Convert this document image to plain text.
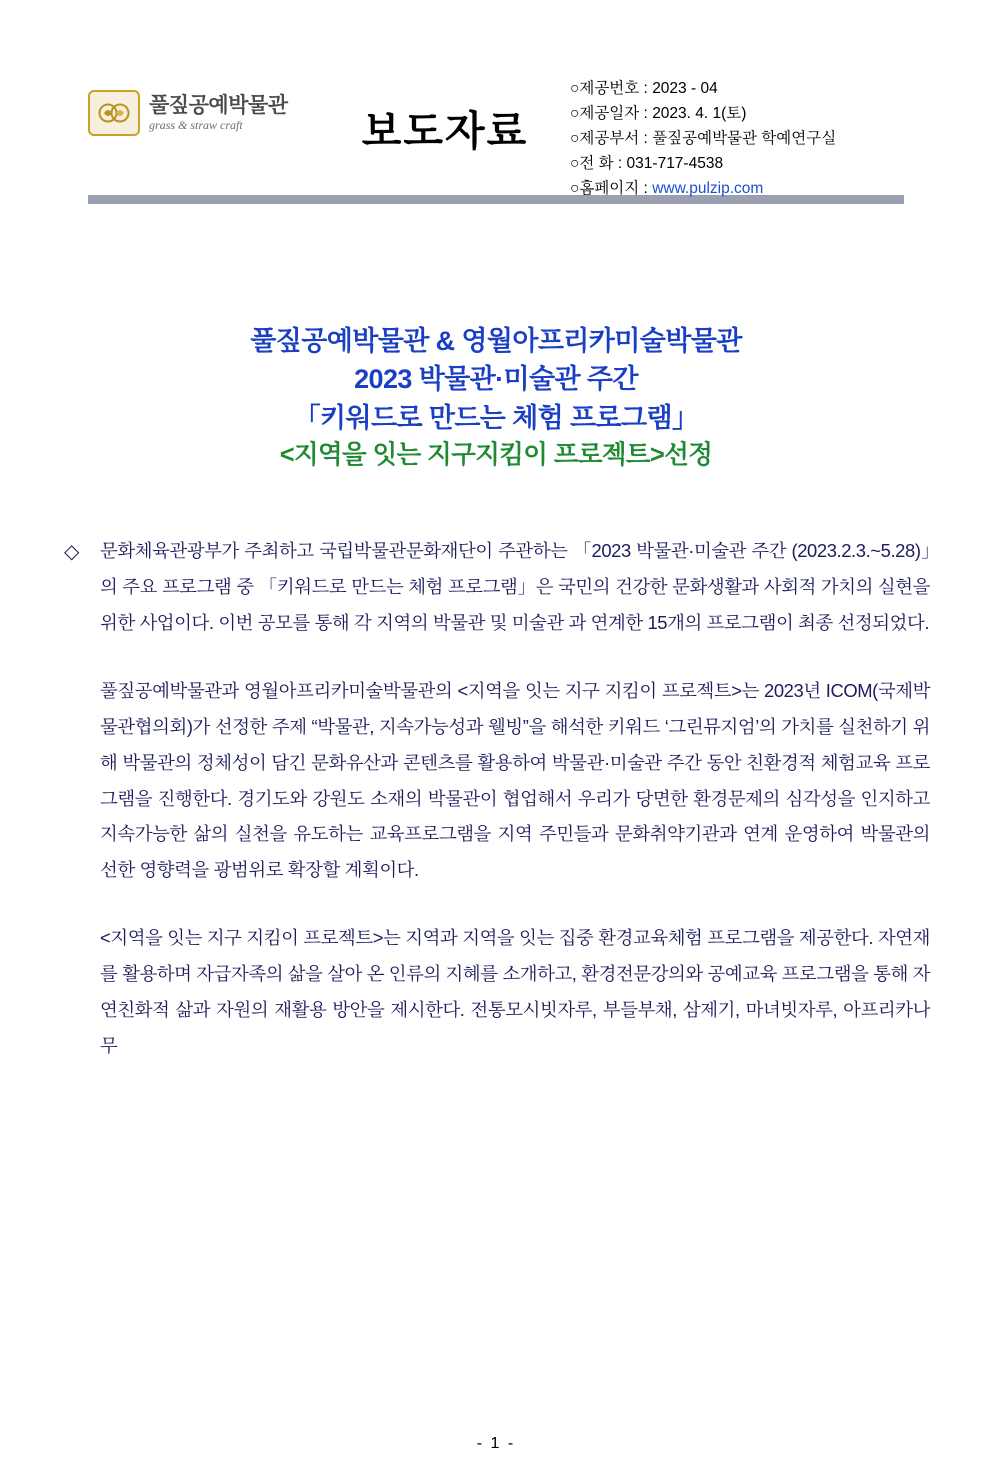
풀짚공예박물관
grass & straw craft	보도자료
○제공번호 : 2023 - 04
○제공일자 : 2023. 4. 1(토)
○제공부서 : 풀짚공예박물관 학예연구실
○전 화 : 031-717-4538
○홈페이지 : www.pulzip.com
풀짚공예박물관 & 영월아프리카미술박물관
2023 박물관·미술관 주간
「키워드로 만드는 체험 프로그램」
<지역을 잇는 지구지킴이 프로젝트>선정
◇ 문화체육관광부가 주최하고 국립박물관문화재단이 주관하는 「2023 박물관·미술관 주간 (2023.2.3.~5.28)」의 주요 프로그램 중 「키워드로 만드는 체험 프로그램」은 국민의 건강한 문화생활과 사회적 가치의 실현을 위한 사업이다. 이번 공모를 통해 각 지역의 박물관 및 미술관 과 연계한 15개의 프로그램이 최종 선정되었다.
풀짚공예박물관과 영월아프리카미술박물관의 <지역을 잇는 지구 지킴이 프로젝트>는 2023년 ICOM(국제박물관협의회)가 선정한 주제 “박물관, 지속가능성과 웰빙”을 해석한 키워드 ‘그린뮤지엄’의 가치를 실천하기 위해 박물관의 정체성이 담긴 문화유산과 콘텐츠를 활용하여 박물관·미술관 주간 동안 친환경적 체험교육 프로그램을 진행한다. 경기도와 강원도 소재의 박물관이 협업해서 우리가 당면한 환경문제의 심각성을 인지하고 지속가능한 삶의 실천을 유도하는 교육프로그램을 지역 주민들과 문화취약기관과 연계 운영하여 박물관의 선한 영향력을 광범위로 확장할 계획이다.
<지역을 잇는 지구 지킴이 프로젝트>는 지역과 지역을 잇는 집중 환경교육체험 프로그램을 제공한다. 자연재를 활용하며 자급자족의 삶을 살아 온 인류의 지혜를 소개하고, 환경전문강의와 공예교육 프로그램을 통해 자연친화적 삶과 자원의 재활용 방안을 제시한다. 전통모시빗자루, 부들부채, 삼제기, 마녀빗자루, 아프리카나무
- 1 -
